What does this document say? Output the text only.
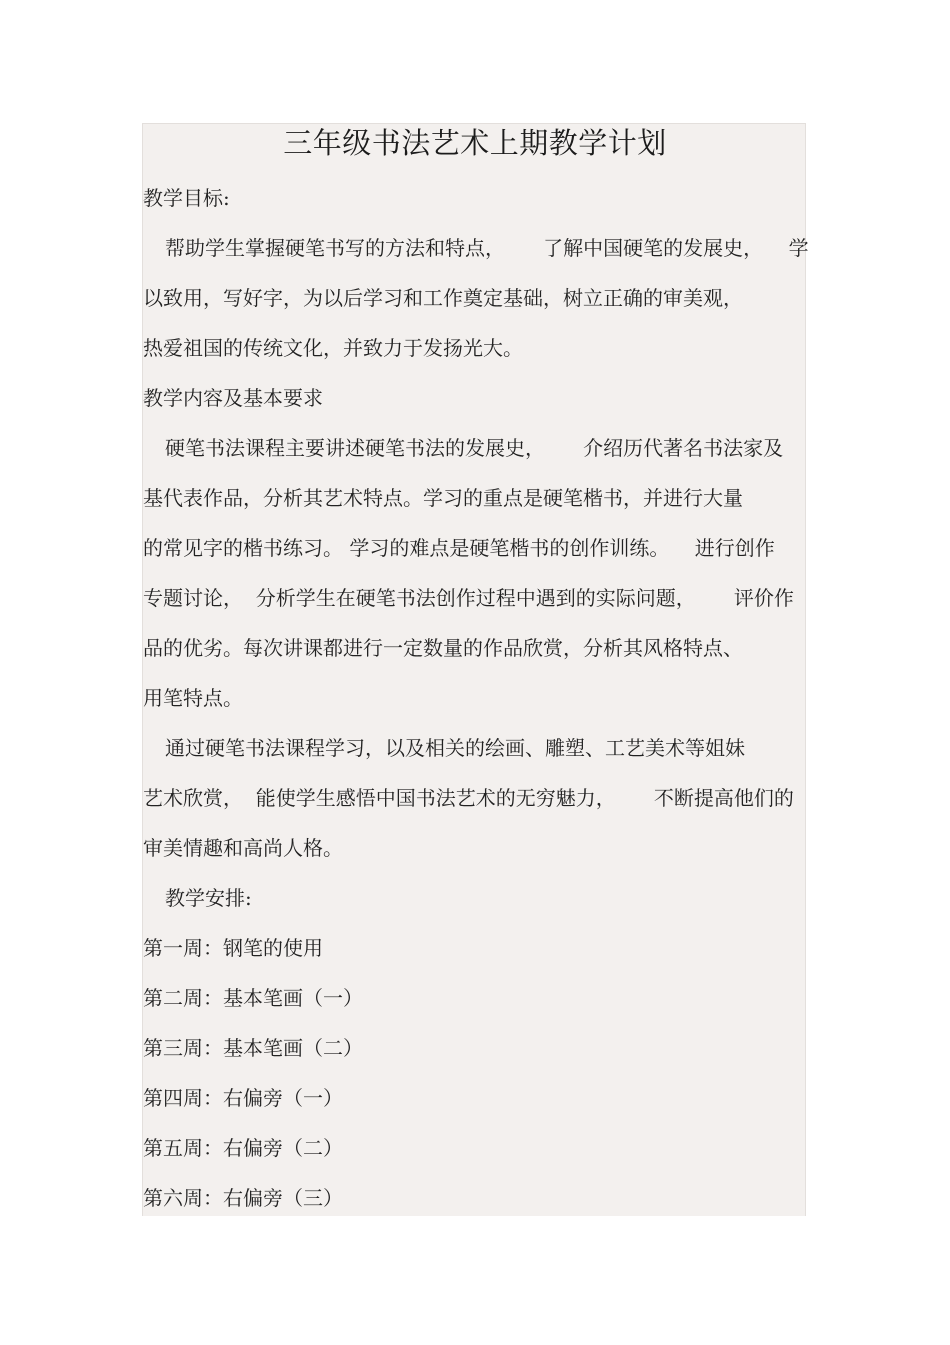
三年级书法艺术上期教学计划
教学目标:
帮助学生掌握硬笔书写的方法和特点，      了解中国硬笔的发展史，    学
以致用，写好字，为以后学习和工作奠定基础，树立正确的审美观，
热爱祖国的传统文化，并致力于发扬光大。
教学内容及基本要求
硬笔书法课程主要讲述硬笔书法的发展史，      介绍历代著名书法家及
基代表作品，分析其艺术特点。学习的重点是硬笔楷书，并进行大量
的常见字的楷书练习。 学习的难点是硬笔楷书的创作训练。    进行创作
专题讨论，  分析学生在硬笔书法创作过程中遇到的实际问题，      评价作
品的优劣。每次讲课都进行一定数量的作品欣赏，分析其风格特点、
用笔特点。
通过硬笔书法课程学习，以及相关的绘画、雕塑、工艺美术等姐妹
艺术欣赏，  能使学生感悟中国书法艺术的无穷魅力，      不断提高他们的
审美情趣和高尚人格。
教学安排:
第一周：钢笔的使用
第二周：基本笔画（一）
第三周：基本笔画（二）
第四周：右偏旁（一）
第五周：右偏旁（二）
第六周：右偏旁（三）
